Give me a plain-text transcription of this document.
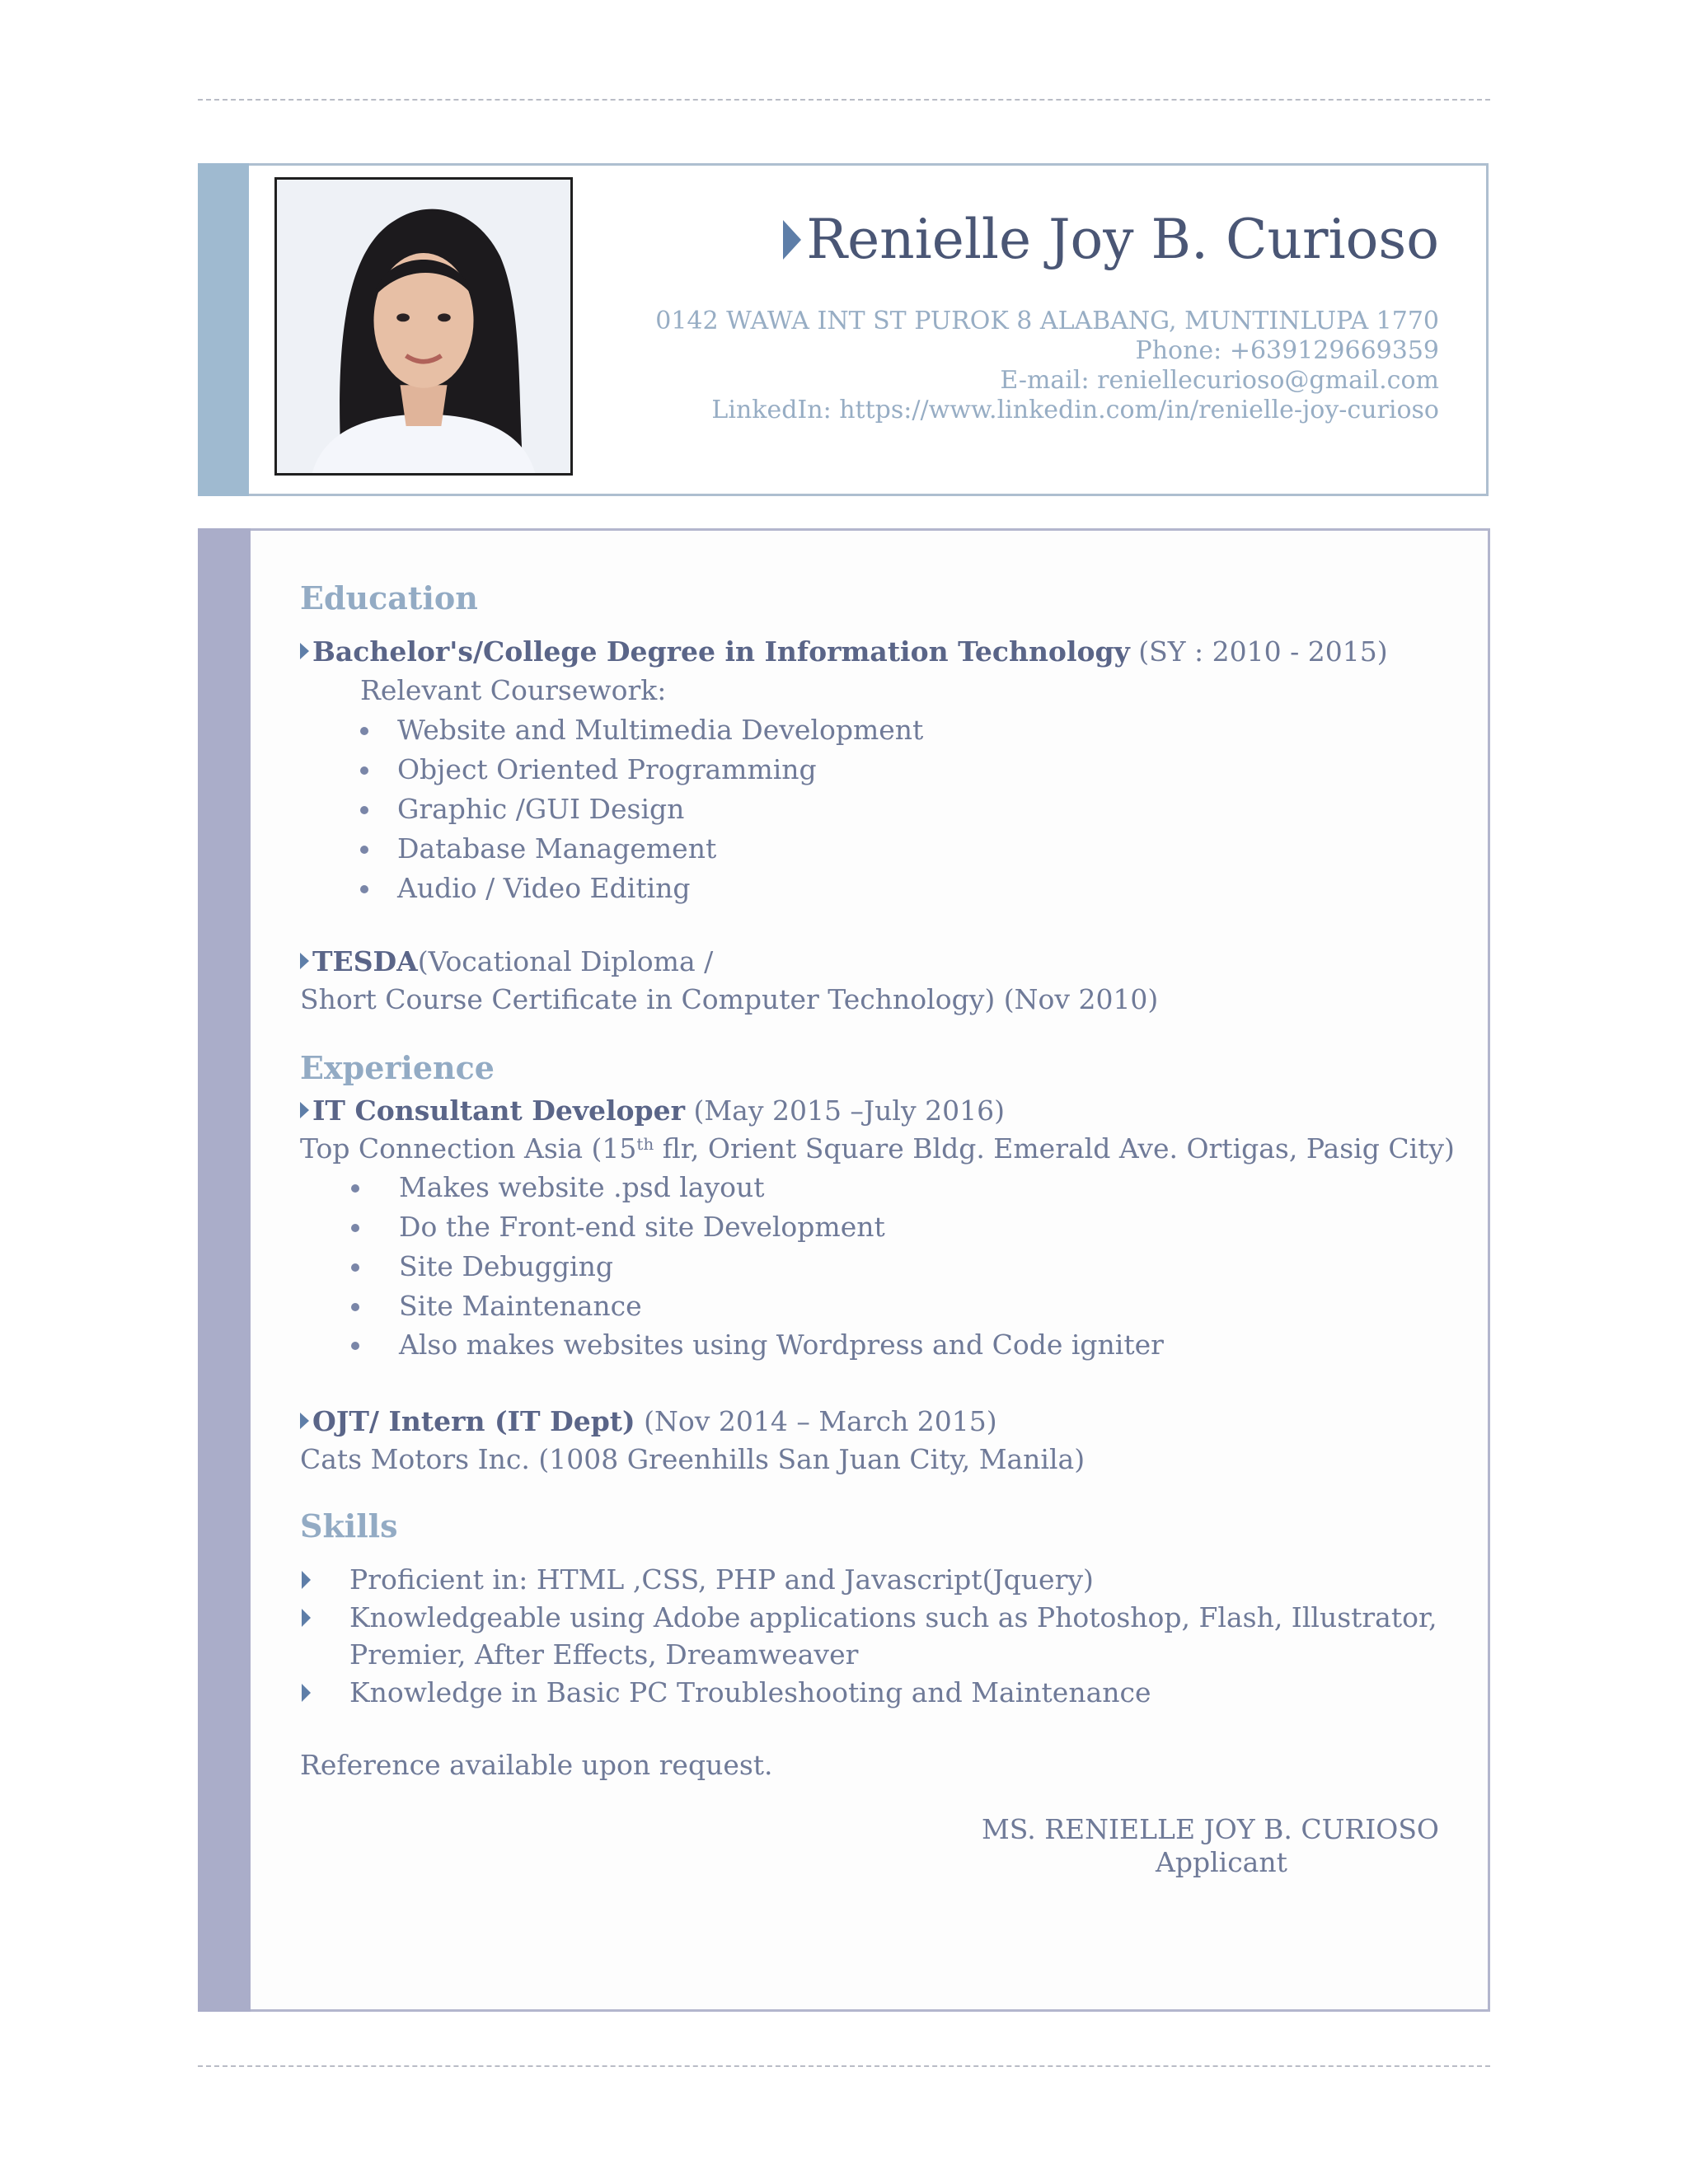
Renielle Joy B. Curioso
0142 WAWA INT ST PUROK 8 ALABANG, MUNTINLUPA 1770
Phone: +639129669359
E-mail: reniellecurioso@gmail.com
LinkedIn: https://www.linkedin.com/in/renielle-joy-curioso
Education
Bachelor's/College Degree in Information Technology (SY : 2010 - 2015)
Relevant Coursework:
Website and Multimedia Development
Object Oriented Programming
Graphic /GUI Design
Database Management
Audio / Video Editing
TESDA(Vocational Diploma /
Short Course Certificate in Computer Technology) (Nov 2010)
Experience
IT Consultant Developer (May 2015 –July 2016)
Top Connection Asia (15th flr, Orient Square Bldg. Emerald Ave. Ortigas, Pasig City)
Makes website .psd layout
Do the Front-end site Development
Site Debugging
Site Maintenance
Also makes websites using Wordpress and Code igniter
OJT/ Intern (IT Dept) (Nov 2014 – March 2015)
Cats Motors Inc. (1008 Greenhills San Juan City, Manila)
Skills
Proficient in: HTML ,CSS, PHP and Javascript(Jquery)
Knowledgeable using Adobe applications such as Photoshop, Flash, Illustrator,
Premier, After Effects, Dreamweaver
Knowledge in Basic PC Troubleshooting and Maintenance
Reference available upon request.
MS. RENIELLE JOY B. CURIOSO
Applicant
